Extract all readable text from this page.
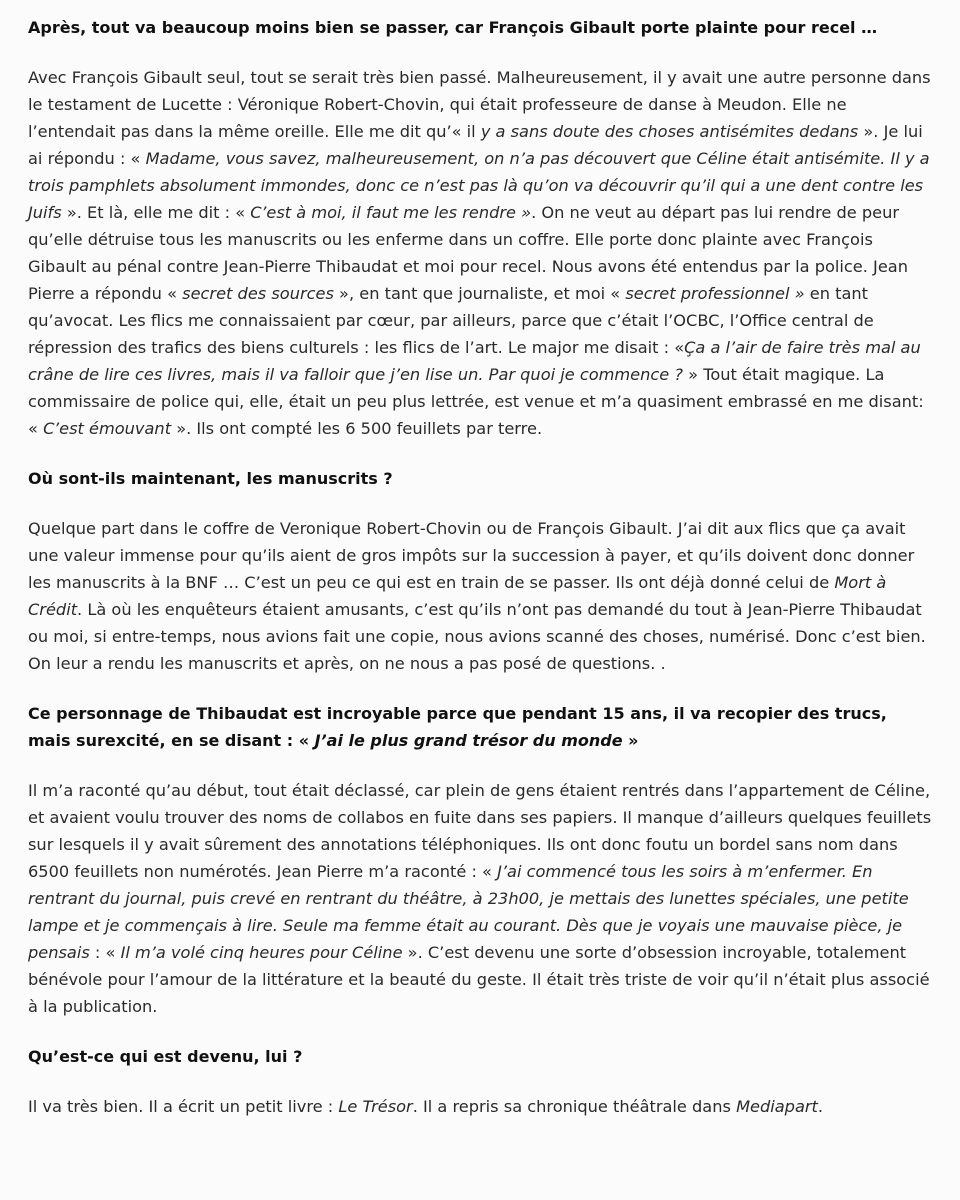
Après, tout va beaucoup moins bien se passer, car François Gibault porte plainte pour recel …

Avec François Gibault seul, tout se serait très bien passé. Malheureusement, il y avait une autre personne dans le testament de Lucette : Véronique Robert-Chovin, qui était professeure de danse à Meudon. Elle ne l’entendait pas dans la même oreille. Elle me dit qu’« il y a sans doute des choses antisémites dedans ». Je lui ai répondu : « Madame, vous savez, malheureusement, on n’a pas découvert que Céline était antisémite. Il y a trois pamphlets absolument immondes, donc ce n’est pas là qu’on va découvrir qu’il qui a une dent contre les Juifs ». Et là, elle me dit : « C’est à moi, il faut me les rendre ». On ne veut au départ pas lui rendre de peur qu’elle détruise tous les manuscrits ou les enferme dans un coffre. Elle porte donc plainte avec François Gibault au pénal contre Jean-Pierre Thibaudat et moi pour recel. Nous avons été entendus par la police. Jean Pierre a répondu « secret des sources », en tant que journaliste, et moi « secret professionnel » en tant qu’avocat. Les flics me connaissaient par cœur, par ailleurs, parce que c’était l’OCBC, l’Office central de répression des trafics des biens culturels : les flics de l’art. Le major me disait : «Ça a l’air de faire très mal au crâne de lire ces livres, mais il va falloir que j’en lise un. Par quoi je commence ? » Tout était magique. La commissaire de police qui, elle, était un peu plus lettrée, est venue et m’a quasiment embrassé en me disant: « C’est émouvant ». Ils ont compté les 6 500 feuillets par terre.

Où sont-ils maintenant, les manuscrits ?

Quelque part dans le coffre de Veronique Robert-Chovin ou de François Gibault. J’ai dit aux flics que ça avait une valeur immense pour qu’ils aient de gros impôts sur la succession à payer, et qu’ils doivent donc donner les manuscrits à la BNF … C’est un peu ce qui est en train de se passer. Ils ont déjà donné celui de Mort à Crédit. Là où les enquêteurs étaient amusants, c’est qu’ils n’ont pas demandé du tout à Jean-Pierre Thibaudat ou moi, si entre-temps, nous avions fait une copie, nous avions scanné des choses, numérisé. Donc c’est bien. On leur a rendu les manuscrits et après, on ne nous a pas posé de questions. .

Ce personnage de Thibaudat est incroyable parce que pendant 15 ans, il va recopier des trucs, mais surexcité, en se disant : « J’ai le plus grand trésor du monde »

Il m’a raconté qu’au début, tout était déclassé, car plein de gens étaient rentrés dans l’appartement de Céline, et avaient voulu trouver des noms de collabos en fuite dans ses papiers. Il manque d’ailleurs quelques feuillets sur lesquels il y avait sûrement des annotations téléphoniques. Ils ont donc foutu un bordel sans nom dans 6500 feuillets non numérotés. Jean Pierre m’a raconté : « J’ai commencé tous les soirs à m’enfermer. En rentrant du journal, puis crevé en rentrant du théâtre, à 23h00, je mettais des lunettes spéciales, une petite lampe et je commençais à lire. Seule ma femme était au courant. Dès que je voyais une mauvaise pièce, je pensais : « Il m’a volé cinq heures pour Céline ». C’est devenu une sorte d’obsession incroyable, totalement bénévole pour l’amour de la littérature et la beauté du geste. Il était très triste de voir qu’il n’était plus associé à la publication.

Qu’est-ce qui est devenu, lui ?

Il va très bien. Il a écrit un petit livre : Le Trésor. Il a repris sa chronique théâtrale dans Mediapart.
